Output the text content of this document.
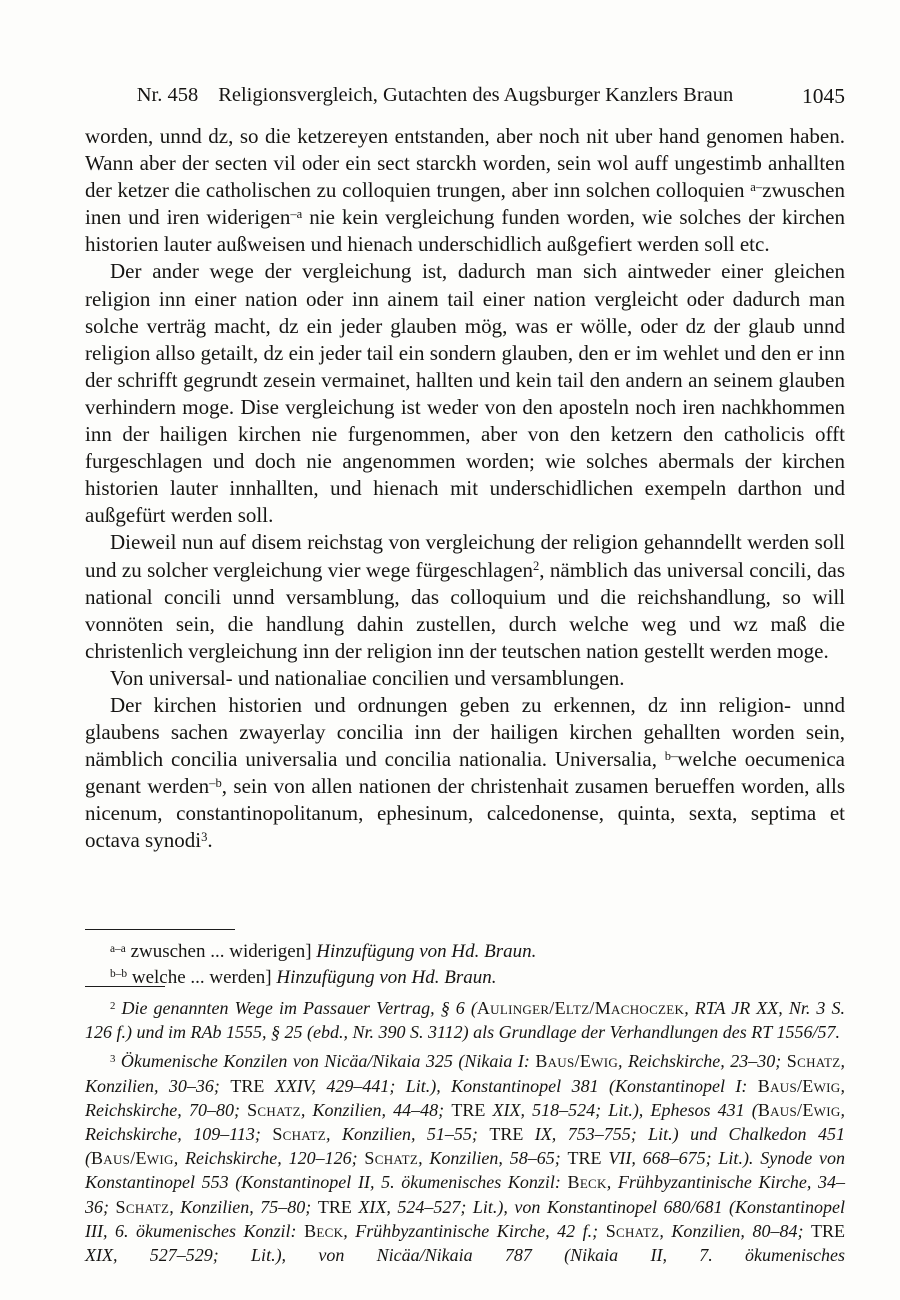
Nr. 458 Religionsvergleich, Gutachten des Augsburger Kanzlers Braun	1045

worden, unnd dz, so die ketzereyen entstanden, aber noch nit uber hand genomen haben. Wann aber der secten vil oder ein sect starckh worden, sein wol auff ungestimb anhallten der ketzer die catholischen zu colloquien trungen, aber inn solchen colloquien $^{a-}$zwuschen inen und iren widerigen$^{-a}$ nie kein vergleichung funden worden, wie solches der kirchen historien lauter außweisen und hienach underschidlich außgefiert werden soll etc.

Der ander wege der vergleichung ist, dadurch man sich aintweder einer gleichen religion inn einer nation oder inn ainem tail einer nation vergleicht oder dadurch man solche verträg macht, dz ein jeder glauben mög, was er wölle, oder dz der glaub unnd religion allso getailt, dz ein jeder tail ein sondern glauben, den er im wehlet und den er inn der schrifft gegrundt zesein vermainet, hallten und kein tail den andern an seinem glauben verhindern moge. Dise vergleichung ist weder von den aposteln noch iren nachkhommen inn der hailigen kirchen nie furgenommen, aber von den ketzern den catholicis offt furgeschlagen und doch nie angenommen worden; wie solches abermals der kirchen historien lauter innhallten, und hienach mit underschidlichen exempeln darthon und außgefürt werden soll.

Dieweil nun auf disem reichstag von vergleichung der religion gehanndellt werden soll und zu solcher vergleichung vier wege fürgeschlagen$^2$, nämblich das universal concili, das national concili unnd versamblung, das colloquium und die reichshandlung, so will vonnöten sein, die handlung dahin zustellen, durch welche weg und wz maß die christenlich vergleichung inn der religion inn der teutschen nation gestellt werden moge.

Von universal- und nationaliae concilien und versamblungen.

Der kirchen historien und ordnungen geben zu erkennen, dz inn religion- unnd glaubens sachen zwayerlay concilia inn der hailigen kirchen gehallten worden sein, nämblich concilia universalia und concilia nationalia. Universalia, $^{b-}$welche oecumenica genant werden$^{-b}$, sein von allen nationen der christenhait zusamen berueffen worden, alls nicenum, constantinopolitanum, ephesinum, calcedonense, quinta, sexta, septima et octava synodi$^3$.

$^{a-a}$ zwuschen ... widerigen] Hinzufügung von Hd. Braun.

$^{b-b}$ welche ... werden] Hinzufügung von Hd. Braun.

$^2$ Die genannten Wege im Passauer Vertrag, § 6 (Aulinger/Eltz/Machoczek, RTA JR XX, Nr. 3 S. 126 f.) und im RAb 1555, § 25 (ebd., Nr. 390 S. 3112) als Grundlage der Verhandlungen des RT 1556/57.

$^3$ Ökumenische Konzilen von Nicäa/Nikaia 325 (Nikaia I: Baus/Ewig, Reichskirche, 23–30; Schatz, Konzilien, 30–36; TRE XXIV, 429–441; Lit.), Konstantinopel 381 (Konstantinopel I: Baus/Ewig, Reichskirche, 70–80; Schatz, Konzilien, 44–48; TRE XIX, 518–524; Lit.), Ephesos 431 (Baus/Ewig, Reichskirche, 109–113; Schatz, Konzilien, 51–55; TRE IX, 753–755; Lit.) und Chalkedon 451 (Baus/Ewig, Reichskirche, 120–126; Schatz, Konzilien, 58–65; TRE VII, 668–675; Lit.). Synode von Konstantinopel 553 (Konstantinopel II, 5. ökumenisches Konzil: Beck, Frühbyzantinische Kirche, 34–36; Schatz, Konzilien, 75–80; TRE XIX, 524–527; Lit.), von Konstantinopel 680/681 (Konstantinopel III, 6. ökumenisches Konzil: Beck, Frühbyzantinische Kirche, 42 f.; Schatz, Konzilien, 80–84; TRE XIX, 527–529; Lit.), von Nicäa/Nikaia 787 (Nikaia II, 7. ökumenisches
